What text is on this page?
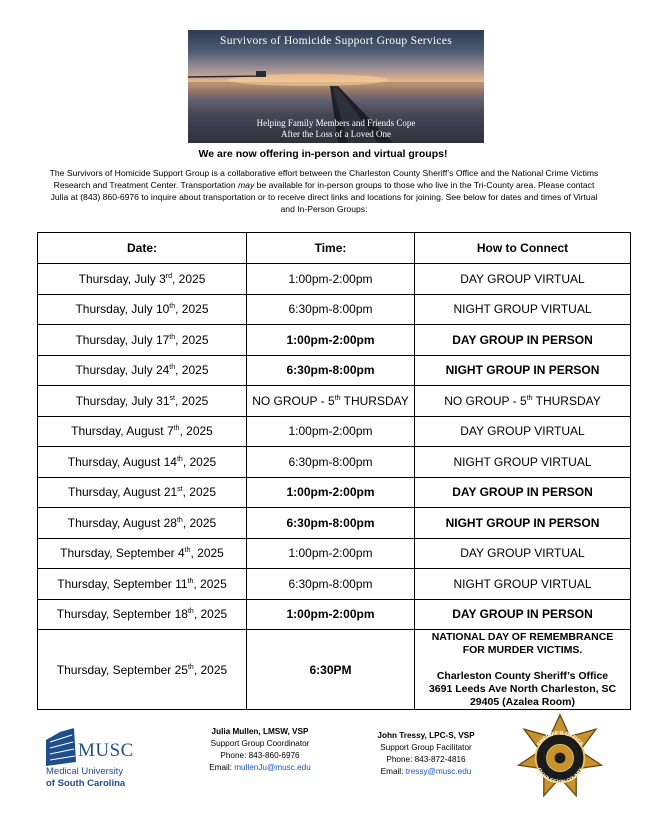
Survivors of Homicide Support Group Services
Helping Family Members and Friends Cope
After the Loss of a Loved One
We are now offering in-person and virtual groups!

The Survivors of Homicide Support Group is a collaborative effort between the Charleston County Sheriff’s Office and the National Crime Victims Research and Treatment Center. Transportation may be available for in-person groups to those who live in the Tri-County area. Please contact Julia at (843) 860-6976 to inquire about transportation or to receive direct links and locations for joining. See below for dates and times of Virtual and In-Person Groups:

Date:	Time:	How to Connect
Thursday, July 3rd, 2025	1:00pm-2:00pm	DAY GROUP VIRTUAL
Thursday, July 10th, 2025	6:30pm-8:00pm	NIGHT GROUP VIRTUAL
Thursday, July 17th, 2025	1:00pm-2:00pm	DAY GROUP IN PERSON
Thursday, July 24th, 2025	6:30pm-8:00pm	NIGHT GROUP IN PERSON
Thursday, July 31st, 2025	NO GROUP - 5th THURSDAY	NO GROUP - 5th THURSDAY
Thursday, August 7th, 2025	1:00pm-2:00pm	DAY GROUP VIRTUAL
Thursday, August 14th, 2025	6:30pm-8:00pm	NIGHT GROUP VIRTUAL
Thursday, August 21st, 2025	1:00pm-2:00pm	DAY GROUP IN PERSON
Thursday, August 28th, 2025	6:30pm-8:00pm	NIGHT GROUP IN PERSON
Thursday, September 4th, 2025	1:00pm-2:00pm	DAY GROUP VIRTUAL
Thursday, September 11th, 2025	6:30pm-8:00pm	NIGHT GROUP VIRTUAL
Thursday, September 18th, 2025	1:00pm-2:00pm	DAY GROUP IN PERSON
Thursday, September 25th, 2025	6:30PM	NATIONAL DAY OF REMEMBRANCE
FOR MURDER VICTIMS.
Charleston County Sheriff’s Office
3691 Leeds Ave North Charleston, SC
29405 (Azalea Room)
MUSC
Medical University
of South Carolina
Julia Mullen, LMSW, VSP
Support Group Coordinator
Phone: 843-860-6976
Email: mullenJu@musc.edu
John Tressy, LPC-S, VSP
Support Group Facilitator
Phone: 843-872-4816
Email: tressy@musc.edu
SHERIFF'S OFFICE
CHARLESTON COUNTY
